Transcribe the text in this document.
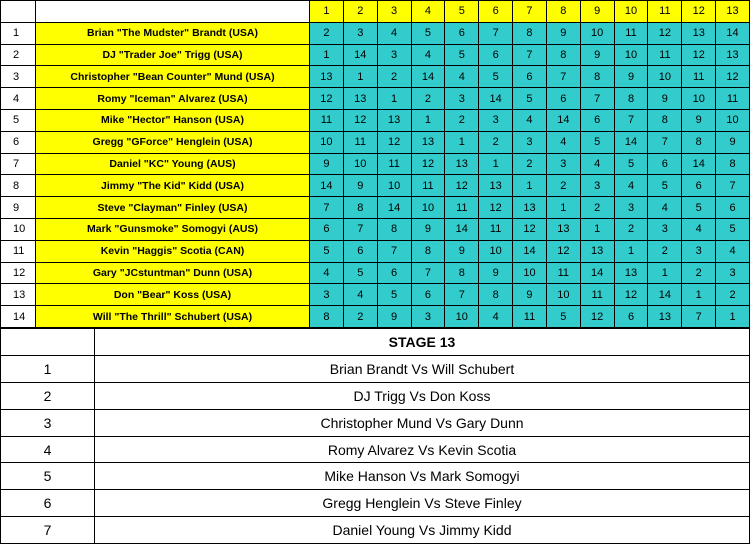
		1	2	3	4	5	6	7	8	9	10	11	12	13
1	Brian "The Mudster" Brandt (USA)	2	3	4	5	6	7	8	9	10	11	12	13	14
2	DJ "Trader Joe" Trigg (USA)	1	14	3	4	5	6	7	8	9	10	11	12	13
3	Christopher "Bean Counter" Mund (USA)	13	1	2	14	4	5	6	7	8	9	10	11	12
4	Romy "Iceman" Alvarez (USA)	12	13	1	2	3	14	5	6	7	8	9	10	11
5	Mike "Hector" Hanson (USA)	11	12	13	1	2	3	4	14	6	7	8	9	10
6	Gregg "GForce" Henglein (USA)	10	11	12	13	1	2	3	4	5	14	7	8	9
7	Daniel "KC" Young (AUS)	9	10	11	12	13	1	2	3	4	5	6	14	8
8	Jimmy "The Kid" Kidd (USA)	14	9	10	11	12	13	1	2	3	4	5	6	7
9	Steve "Clayman" Finley (USA)	7	8	14	10	11	12	13	1	2	3	4	5	6
10	Mark "Gunsmoke" Somogyi (AUS)	6	7	8	9	14	11	12	13	1	2	3	4	5
11	Kevin "Haggis" Scotia (CAN)	5	6	7	8	9	10	14	12	13	1	2	3	4
12	Gary "JCstuntman" Dunn (USA)	4	5	6	7	8	9	10	11	14	13	1	2	3
13	Don "Bear" Koss (USA)	3	4	5	6	7	8	9	10	11	12	14	1	2
14	Will "The Thrill" Schubert (USA)	8	2	9	3	10	4	11	5	12	6	13	7	1
	STAGE 13
1	Brian Brandt Vs Will Schubert
2	DJ Trigg Vs Don Koss
3	Christopher Mund Vs Gary Dunn
4	Romy Alvarez Vs Kevin Scotia
5	Mike Hanson Vs Mark Somogyi
6	Gregg Henglein Vs Steve Finley
7	Daniel Young Vs Jimmy Kidd
